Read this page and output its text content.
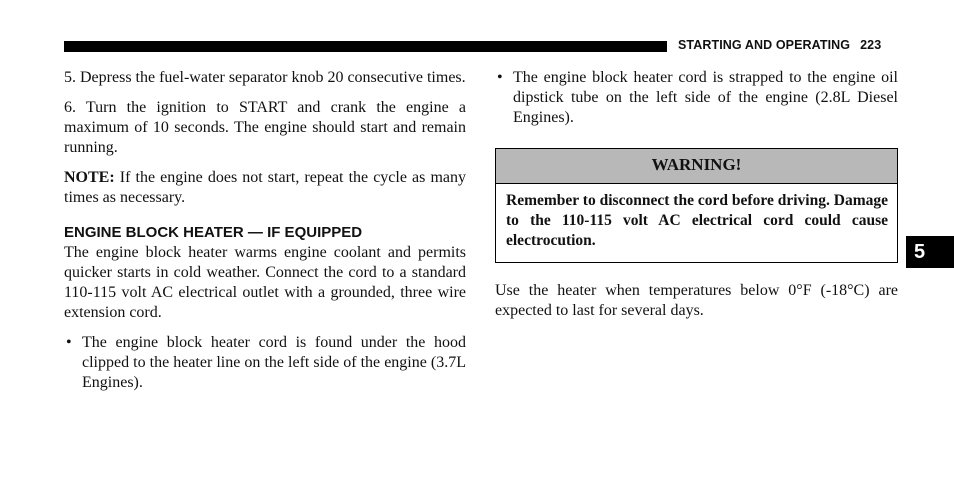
STARTING AND OPERATING 223

5. Depress the fuel-water separator knob 20 consecutive times.

6. Turn the ignition to START and crank the engine a maximum of 10 seconds. The engine should start and remain running.

NOTE: If the engine does not start, repeat the cycle as many times as necessary.

ENGINE BLOCK HEATER — IF EQUIPPED

The engine block heater warms engine coolant and permits quicker starts in cold weather. Connect the cord to a standard 110-115 volt AC electrical outlet with a grounded, three wire extension cord.

• The engine block heater cord is found under the hood clipped to the heater line on the left side of the engine (3.7L Engines).

• The engine block heater cord is strapped to the engine oil dipstick tube on the left side of the engine (2.8L Diesel Engines).

WARNING!
Remember to disconnect the cord before driving. Damage to the 110-115 volt AC electrical cord could cause electrocution.

Use the heater when temperatures below 0°F (-18°C) are expected to last for several days.

5
